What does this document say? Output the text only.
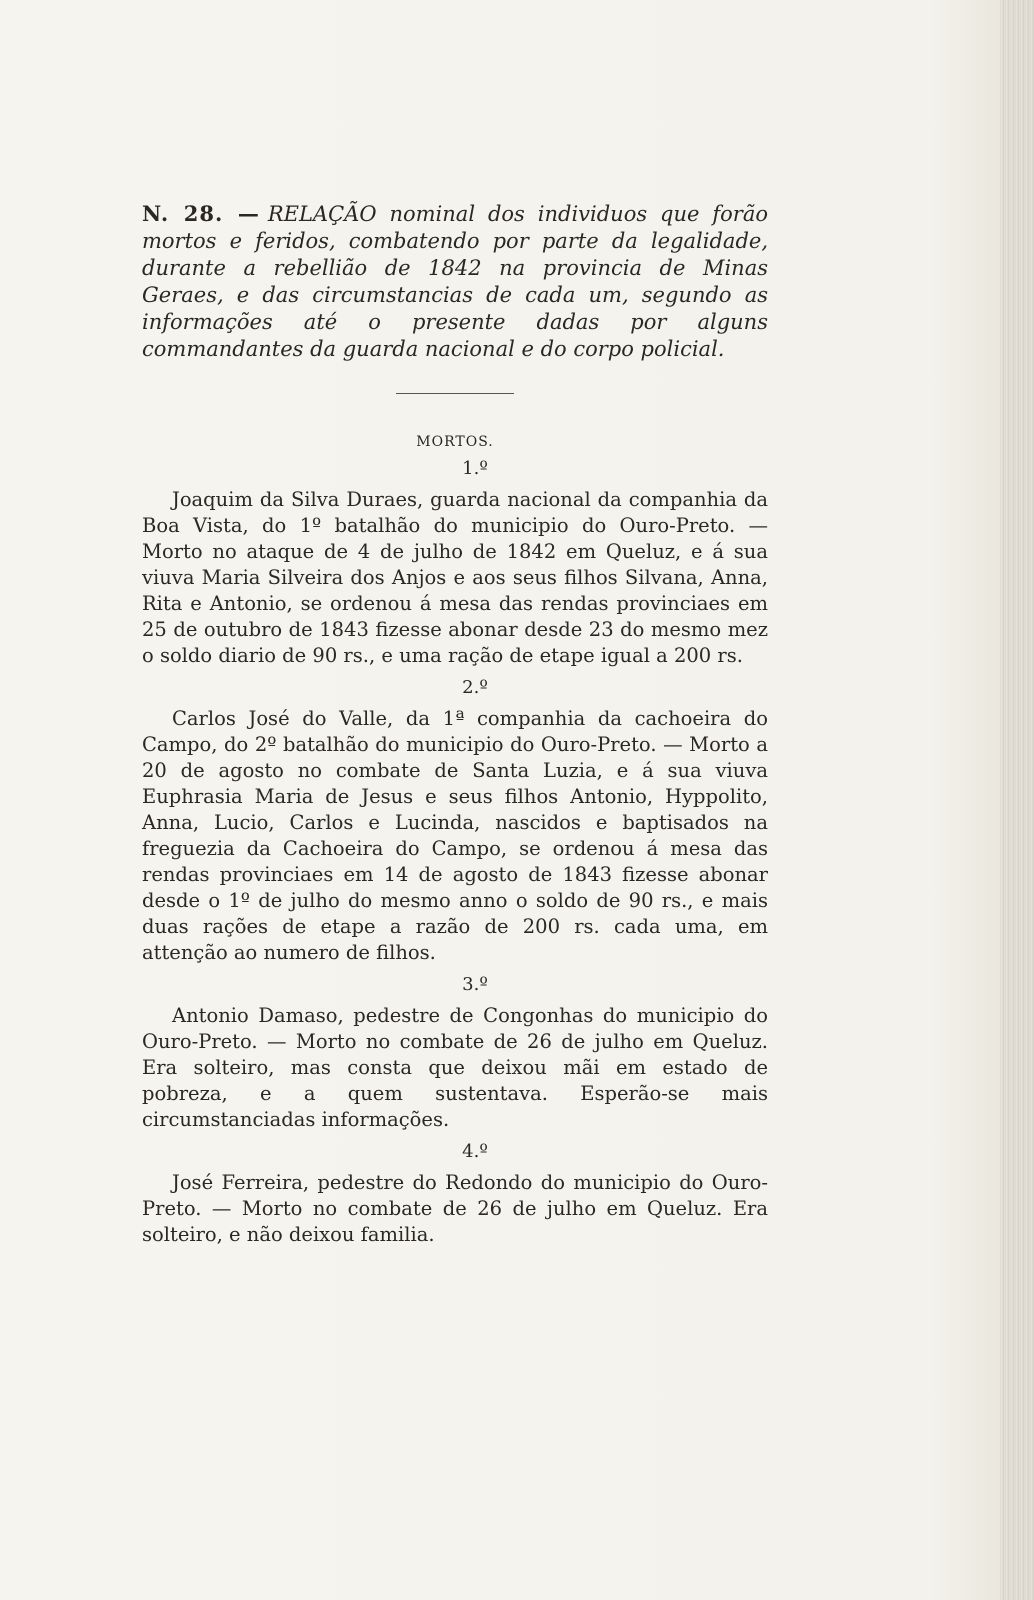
N. 28. — RELAÇÃO nominal dos individuos que forão mortos e feridos, combatendo por parte da legalidade, durante a rebellião de 1842 na provincia de Minas Geraes, e das circumstancias de cada um, segundo as informações até o presente dadas por alguns commandantes da guarda nacional e do corpo policial.

MORTOS.

1.º

Joaquim da Silva Duraes, guarda nacional da companhia da Boa Vista, do 1º batalhão do municipio do Ouro-Preto. — Morto no ataque de 4 de julho de 1842 em Queluz, e á sua viuva Maria Silveira dos Anjos e aos seus filhos Silvana, Anna, Rita e Antonio, se ordenou á mesa das rendas provinciaes em 25 de outubro de 1843 fizesse abonar desde 23 do mesmo mez o soldo diario de 90 rs., e uma ração de etape igual a 200 rs.

2.º

Carlos José do Valle, da 1ª companhia da cachoeira do Campo, do 2º batalhão do municipio do Ouro-Preto. — Morto a 20 de agosto no combate de Santa Luzia, e á sua viuva Euphrasia Maria de Jesus e seus filhos Antonio, Hyppolito, Anna, Lucio, Carlos e Lucinda, nascidos e baptisados na freguezia da Cachoeira do Campo, se ordenou á mesa das rendas provinciaes em 14 de agosto de 1843 fizesse abonar desde o 1º de julho do mesmo anno o soldo de 90 rs., e mais duas rações de etape a razão de 200 rs. cada uma, em attenção ao numero de filhos.

3.º

Antonio Damaso, pedestre de Congonhas do municipio do Ouro-Preto. — Morto no combate de 26 de julho em Queluz. Era solteiro, mas consta que deixou mãi em estado de pobreza, e a quem sustentava. Esperão-se mais circumstanciadas informações.

4.º

José Ferreira, pedestre do Redondo do municipio do Ouro-Preto. — Morto no combate de 26 de julho em Queluz. Era solteiro, e não deixou familia.
